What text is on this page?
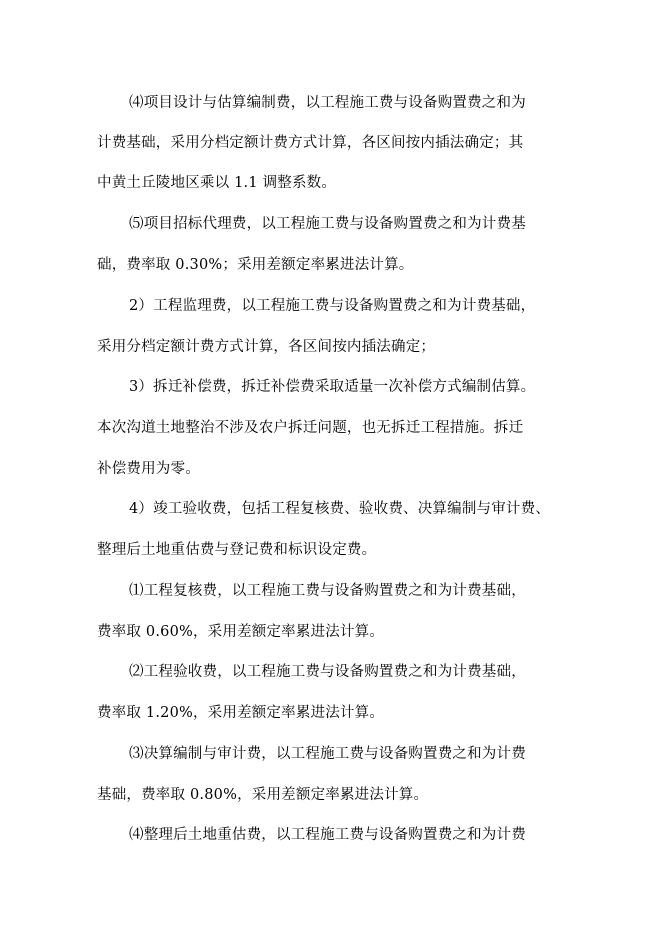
⑷项目设计与估算编制费，以工程施工费与设备购置费之和为
计费基础，采用分档定额计费方式计算，各区间按内插法确定；其
中黄土丘陵地区乘以 1.1 调整系数。
⑸项目招标代理费，以工程施工费与设备购置费之和为计费基
础，费率取 0.30%；采用差额定率累进法计算。
2）工程监理费，以工程施工费与设备购置费之和为计费基础，
采用分档定额计费方式计算，各区间按内插法确定；
3）拆迁补偿费，拆迁补偿费采取适量一次补偿方式编制估算。
本次沟道土地整治不涉及农户拆迁问题，也无拆迁工程措施。拆迁
补偿费用为零。
4）竣工验收费，包括工程复核费、验收费、决算编制与审计费、
整理后土地重估费与登记费和标识设定费。
⑴工程复核费，以工程施工费与设备购置费之和为计费基础，
费率取 0.60%，采用差额定率累进法计算。
⑵工程验收费，以工程施工费与设备购置费之和为计费基础，
费率取 1.20%，采用差额定率累进法计算。
⑶决算编制与审计费，以工程施工费与设备购置费之和为计费
基础，费率取 0.80%，采用差额定率累进法计算。
⑷整理后土地重估费，以工程施工费与设备购置费之和为计费
